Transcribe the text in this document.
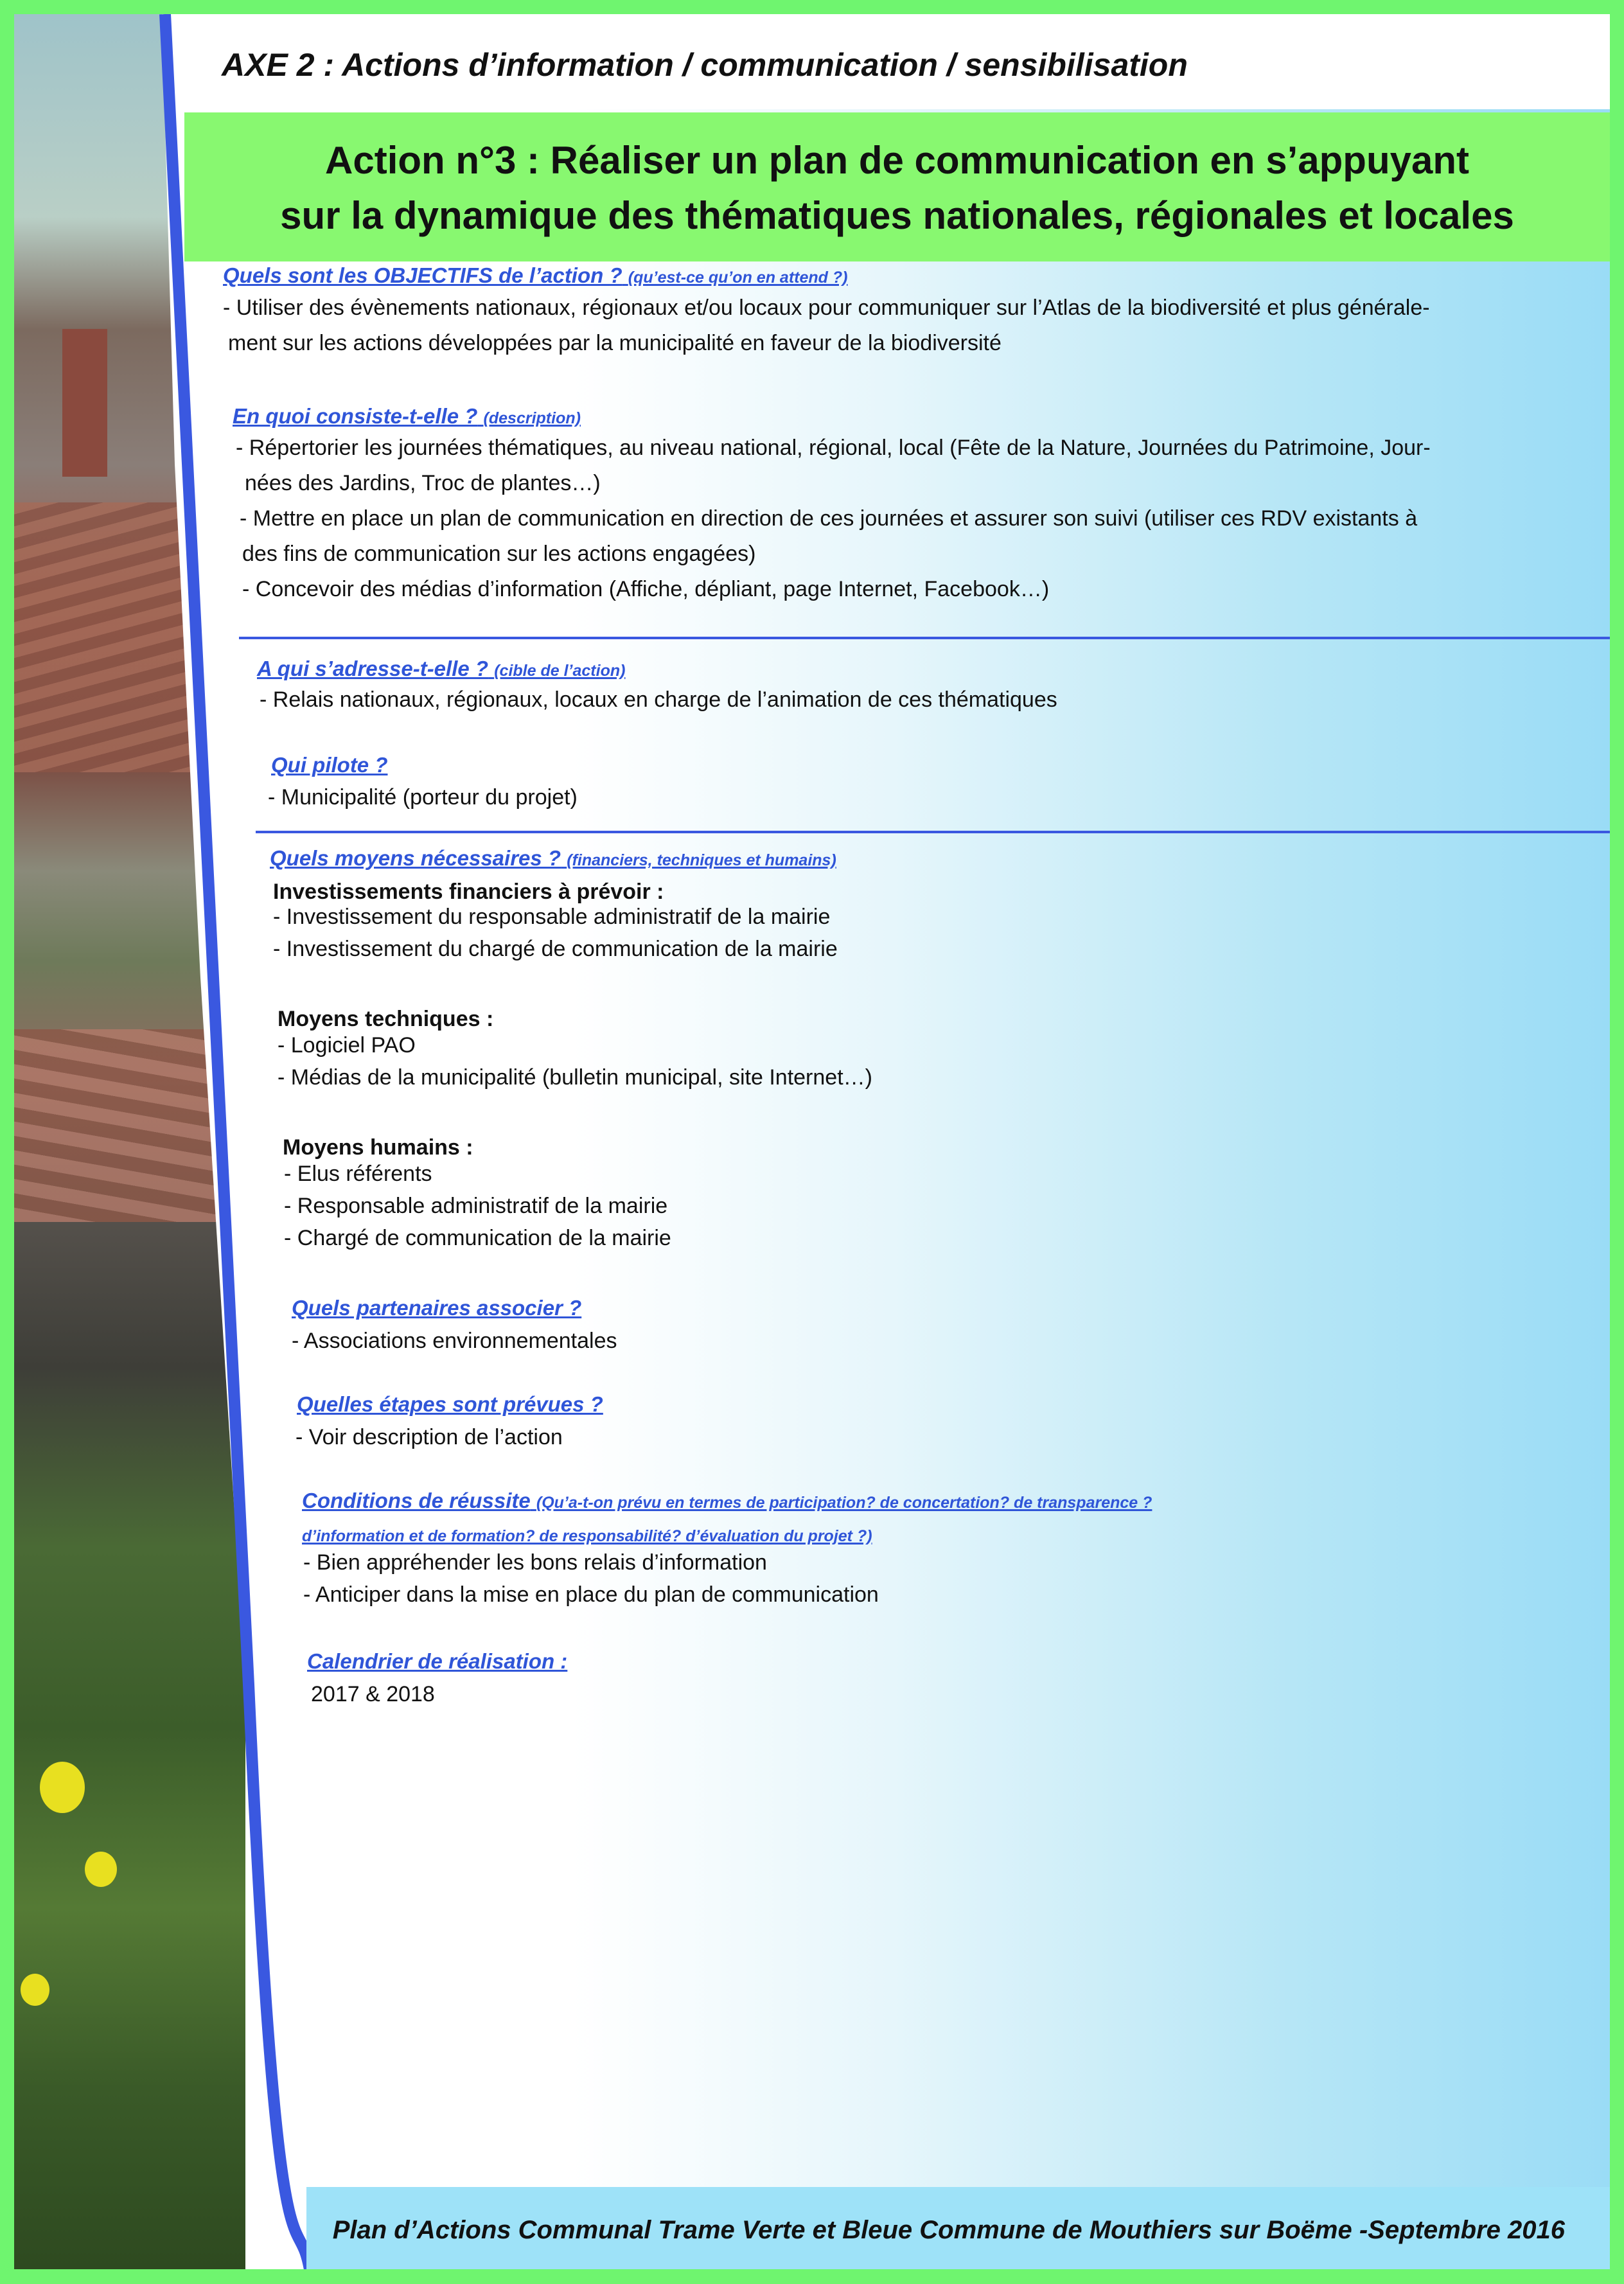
AXE 2 : Actions d’information / communication / sensibilisation
Action n°3 : Réaliser un plan de communication en s’appuyant
sur la dynamique des thématiques nationales, régionales et locales
Quels sont les OBJECTIFS de l’action ? (qu’est-ce qu’on en attend ?)
- Utiliser des évènements nationaux, régionaux et/ou locaux pour communiquer sur l’Atlas de la biodiversité et plus générale-
ment sur les actions développées par la municipalité en faveur de la biodiversité
En quoi consiste-t-elle ? (description)
- Répertorier les journées thématiques, au niveau national, régional, local (Fête de la Nature, Journées du Patrimoine, Jour-
nées des Jardins, Troc de plantes…)
- Mettre en place un plan de communication en direction de ces journées et assurer son suivi (utiliser ces RDV existants à
des fins de communication sur les actions engagées)
- Concevoir des médias d’information (Affiche, dépliant, page Internet, Facebook…)
A qui s’adresse-t-elle ? (cible de l’action)
- Relais nationaux, régionaux, locaux en charge de l’animation de ces thématiques
Qui pilote ?
- Municipalité (porteur du projet)
Quels moyens nécessaires ? (financiers, techniques et humains)
Investissements financiers à prévoir :
- Investissement du responsable administratif de la mairie
- Investissement du chargé de communication de la mairie
Moyens techniques :
- Logiciel PAO
- Médias de la municipalité (bulletin municipal, site Internet…)
Moyens humains :
- Elus référents
- Responsable administratif de la mairie
- Chargé de communication de la mairie
Quels partenaires associer ?
- Associations environnementales
Quelles étapes sont prévues ?
- Voir description de l’action
Conditions de réussite (Qu’a-t-on prévu en termes de participation? de concertation? de transparence ?
d’information et de formation? de responsabilité? d’évaluation du projet ?)
- Bien appréhender les bons relais d’information
- Anticiper dans la mise en place du plan de communication
Calendrier de réalisation :
2017 & 2018
Plan d’Actions Communal Trame Verte et Bleue Commune de Mouthiers sur Boëme -Septembre 2016
